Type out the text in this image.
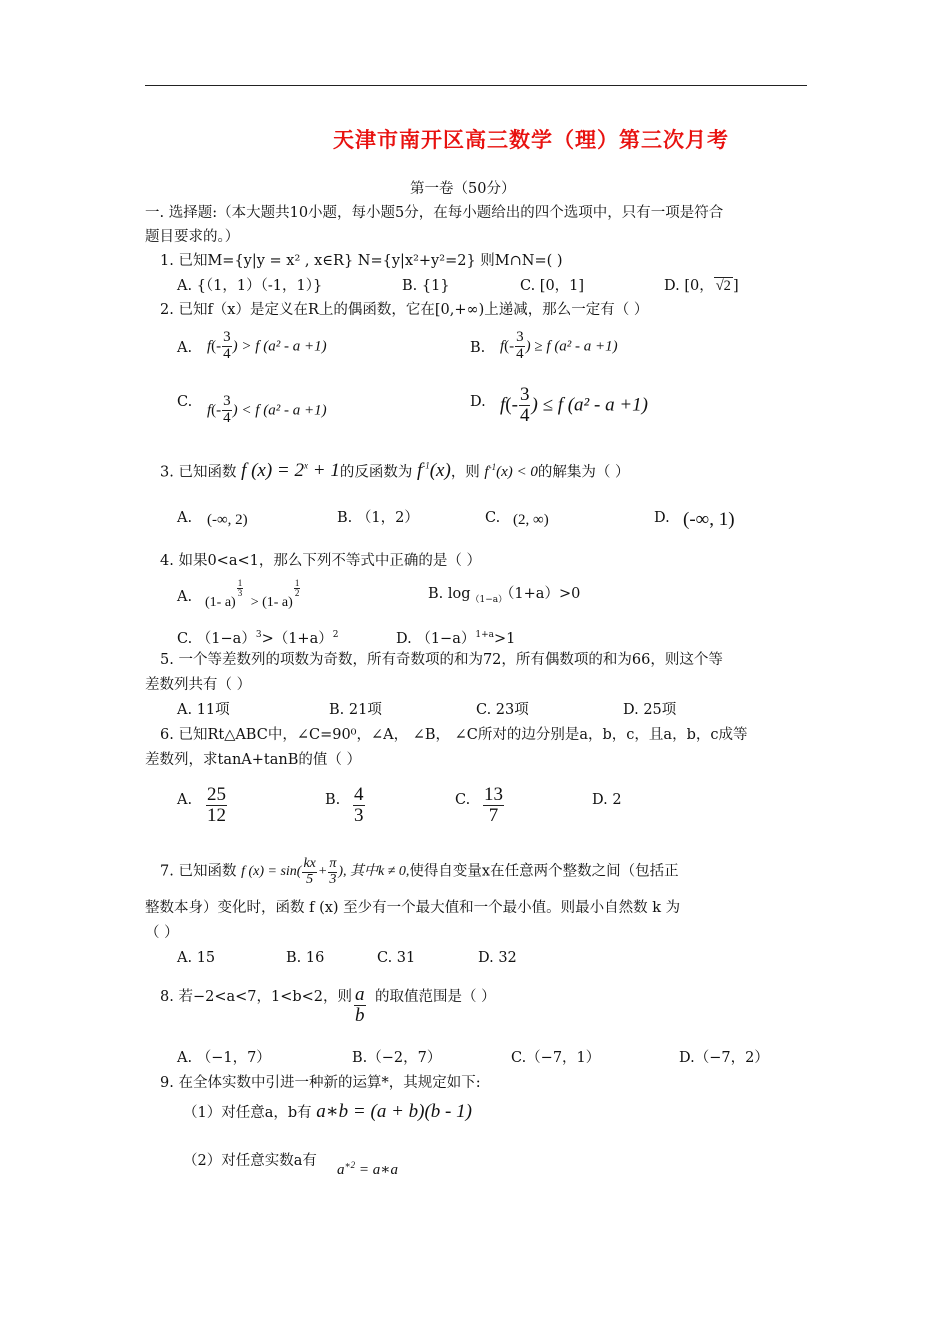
天津市南开区高三数学（理）第三次月考
第一卷（50分）
一. 选择题:（本大题共10小题，每小题5分，在每小题给出的四个选项中，只有一项是符合
题目要求的。）
1. 已知M={y|y = x² , x∈R} N={y|x²+y²=2} 则M∩N=( )
A. {（1，1）（-1，1）}	B. {1}	C. [0，1]	D. [0， √2 ]
2. 已知f（x）是定义在R上的偶函数，它在[0,+∞)上递减，那么一定有（ ）
A. $f(- \frac{3}{4}$ ) > f (a² - a +1)	B. $f(- \frac{3}{4}$ ) ≥ f (a² - a +1)
C.
$f(- \frac{3}{4}$ ) < f (a² - a +1)
D. $f(- \frac{3}{4}$ ) ≤ f (a² - a +1)
3. 已知函数 f $(x) = 2^x + 1$的反函数为 $f^{-1}(x)$，则 $f^{-1}(x) < 0$的解集为（ ）
A. (-∞, 2)	B. （1，2）	C. (2, ∞)	D. (-∞, 1)
4. 如果0<a<1，那么下列不等式中正确的是（ ）
A. (1- a)
$\frac{1}{3}$
> (1- a)
$\frac{1}{2}$	B. $\log_{(1-a)}(1+a)>0$
C. $(1-a)^3>(1+a)^2$	D. $(1-a)^{1+a}>1$
5. 一个等差数列的项数为奇数，所有奇数项的和为72，所有偶数项的和为66，则这个等
差数列共有（ ）
A. 11项	B. 21项	C. 23项	D. 25项
6. 已知Rt△ABC中，∠C=90⁰，∠A， ∠B， ∠C所对的边分别是a，b，c，且a，b，c成等
差数列，求tanA+tanB的值（ ）
A. $\frac{25}{12}$	B. $\frac{4}{3}$	C. $\frac{13}{7}$	D. 2
7. 已知函数 f $(x) = \sin( \frac{kx}{5} + \frac{\pi}{3}$ ), 其中k ≠ 0,使得自变量x在任意两个整数之间（包括正
整数本身）变化时，函数 f (x) 至少有一个最大值和一个最小值。则最小自然数 k 为
（ ）
A. 15	B. 16	C. 31	D. 32
8. 若−2<a<7，1<b<2，则 $\frac{a}{b}$ 的取值范围是（ ）
A. （−1，7）	B.（−2，7）	C.（−7，1）	D.（−7，2）
9. 在全体实数中引进一种新的运算*，其规定如下:
（1）对任意a，b有 a∗b = (a + b)(b - 1)
（2）对任意实数a有
$a^{∗2}$ = a∗a
